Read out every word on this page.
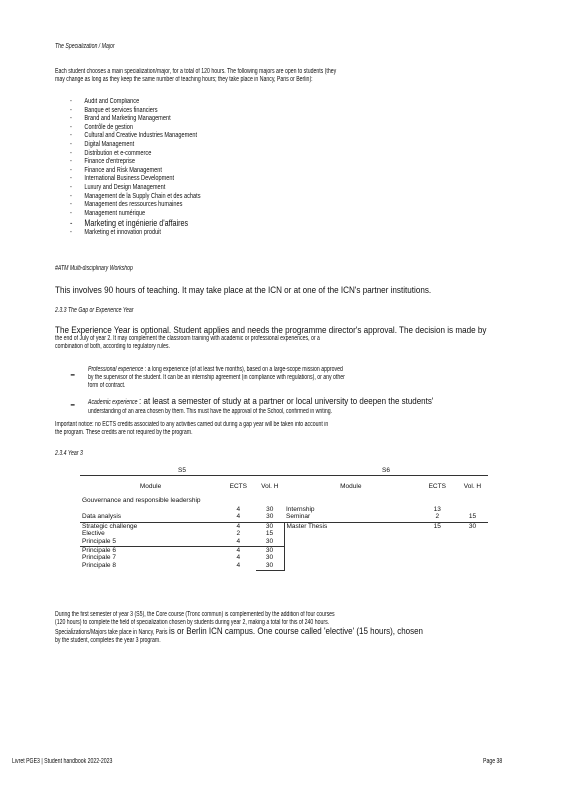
The Specialization / Major
Each student chooses a main specialization/major, for a total of 120 hours. The following majors are open to students (they
may change as long as they keep the same number of teaching hours; they take place in Nancy, Paris or Berlin):
- Audit and Compliance
- Banque et services financiers
- Brand and Marketing Management
- Contrôle de gestion
- Cultural and Creative Industries Management
- Digital Management
- Distribution et e-commerce
- Finance d'entreprise
- Finance and Risk Management
- International Business Development
- Luxury and Design Management
- Management de la Supply Chain et des achats
- Management des ressources humaines
- Management numérique
- Marketing et ingénierie d'affaires
- Marketing et innovation produit
#ATM Multi-disciplinary Workshop
This involves 90 hours of teaching. It may take place at the ICN or at one of the ICN's partner institutions.
2.3.3 The Gap or Experience Year
The Experience Year is optional. Student applies and needs the programme director's approval. The decision is made by
the end of July of year 2. It may complement the classroom training with academic or professional experiences, or a
combination of both, according to regulatory rules.
- Professional experience : a long experience (of at least five months), based on a large-scope mission approved
by the supervisor of the student. It can be an internship agreement (in compliance with regulations), or any other
form of contract.
- Academic experience : at least a semester of study at a partner or local university to deepen the students'
understanding of an area chosen by them. This must have the approval of the School, confirmed in writing.
Important notice: no ECTS credits associated to any activities carried out during a gap year will be taken into account in
the program. These credits are not required by the program.
2.3.4 Year 3
S5			S6		
Module	ECTS	Vol. H	Module	ECTS	Vol. H
Gouvernance and responsible leadership	4	30	Internship	13	
Data analysis	4	30	Seminar	2	15
Strategic challenge	4	30	Master Thesis	15	30
Elective	2	15			
Principale 5	4	30			
Principale 6	4	30			
Principale 7	4	30			
Principale 8	4	30			
During the first semester of year 3 (S5), the Core course (Tronc commun) is complemented by the addition of four courses
(120 hours) to complete the field of specialization chosen by students during year 2, making a total for this of 240 hours.
Specializations/Majors take place in Nancy, Paris is or Berlin ICN campus. One course called 'elective' (15 hours), chosen
by the student, completes the year 3 program.
Livret PGE3 | Student handbook 2022-2023	Page 38
